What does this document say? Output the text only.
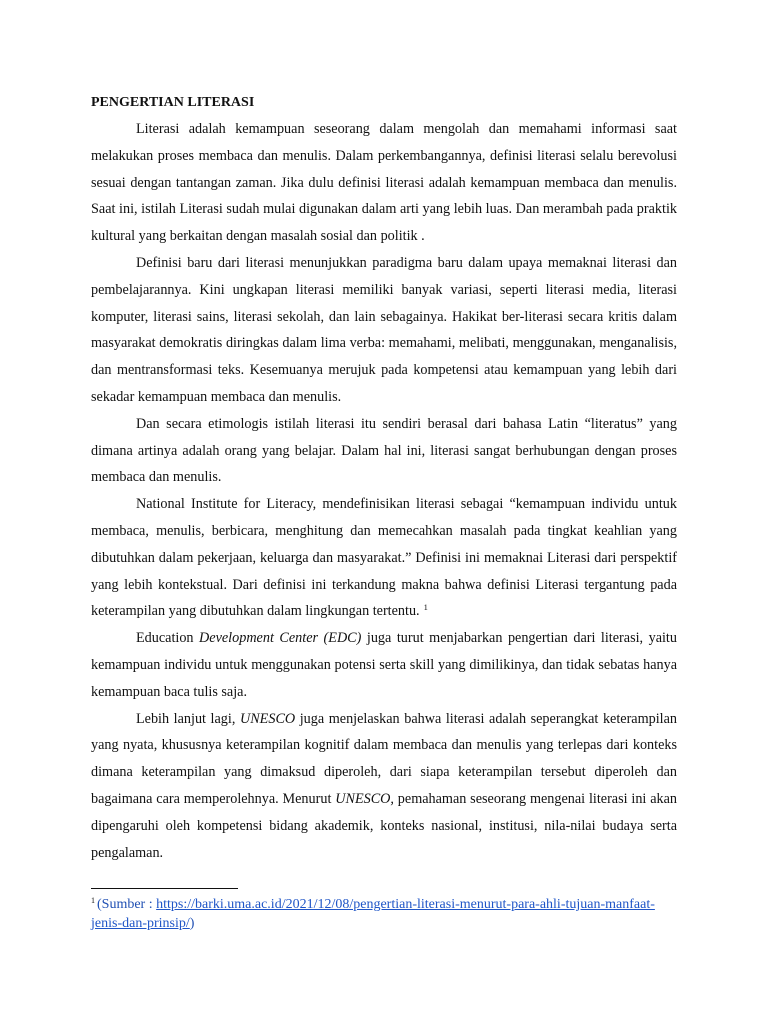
PENGERTIAN LITERASI

Literasi adalah kemampuan seseorang dalam mengolah dan memahami informasi saat melakukan proses membaca dan menulis. Dalam perkembangannya, definisi literasi selalu berevolusi sesuai dengan tantangan zaman. Jika dulu definisi literasi adalah kemampuan membaca dan menulis. Saat ini, istilah Literasi sudah mulai digunakan dalam arti yang lebih luas. Dan merambah pada praktik kultural yang berkaitan dengan masalah sosial dan politik .

Definisi baru dari literasi menunjukkan paradigma baru dalam upaya memaknai literasi dan pembelajarannya. Kini ungkapan literasi memiliki banyak variasi, seperti literasi media, literasi komputer, literasi sains, literasi sekolah, dan lain sebagainya. Hakikat ber-literasi secara kritis dalam masyarakat demokratis diringkas dalam lima verba: memahami, melibati, menggunakan, menganalisis, dan mentransformasi teks. Kesemuanya merujuk pada kompetensi atau kemampuan yang lebih dari sekadar kemampuan membaca dan menulis.

Dan secara etimologis istilah literasi itu sendiri berasal dari bahasa Latin “literatus” yang dimana artinya adalah orang yang belajar. Dalam hal ini, literasi sangat berhubungan dengan proses membaca dan menulis.

National Institute for Literacy, mendefinisikan literasi sebagai “kemampuan individu untuk membaca, menulis, berbicara, menghitung dan memecahkan masalah pada tingkat keahlian yang dibutuhkan dalam pekerjaan, keluarga dan masyarakat.” Definisi ini memaknai Literasi dari perspektif yang lebih kontekstual. Dari definisi ini terkandung makna bahwa definisi Literasi tergantung pada keterampilan yang dibutuhkan dalam lingkungan tertentu. $^1$

Education Development Center (EDC) juga turut menjabarkan pengertian dari literasi, yaitu kemampuan individu untuk menggunakan potensi serta skill yang dimilikinya, dan tidak sebatas hanya kemampuan baca tulis saja.

Lebih lanjut lagi, UNESCO juga menjelaskan bahwa literasi adalah seperangkat keterampilan yang nyata, khususnya keterampilan kognitif dalam membaca dan menulis yang terlepas dari konteks dimana keterampilan yang dimaksud diperoleh, dari siapa keterampilan tersebut diperoleh dan bagaimana cara memperolehnya. Menurut UNESCO, pemahaman seseorang mengenai literasi ini akan dipengaruhi oleh kompetensi bidang akademik, konteks nasional, institusi, nila-nilai budaya serta pengalaman.

$^1$ (Sumber : https://barki.uma.ac.id/2021/12/08/pengertian-literasi-menurut-para-ahli-tujuan-manfaat-jenis-dan-prinsip/)
